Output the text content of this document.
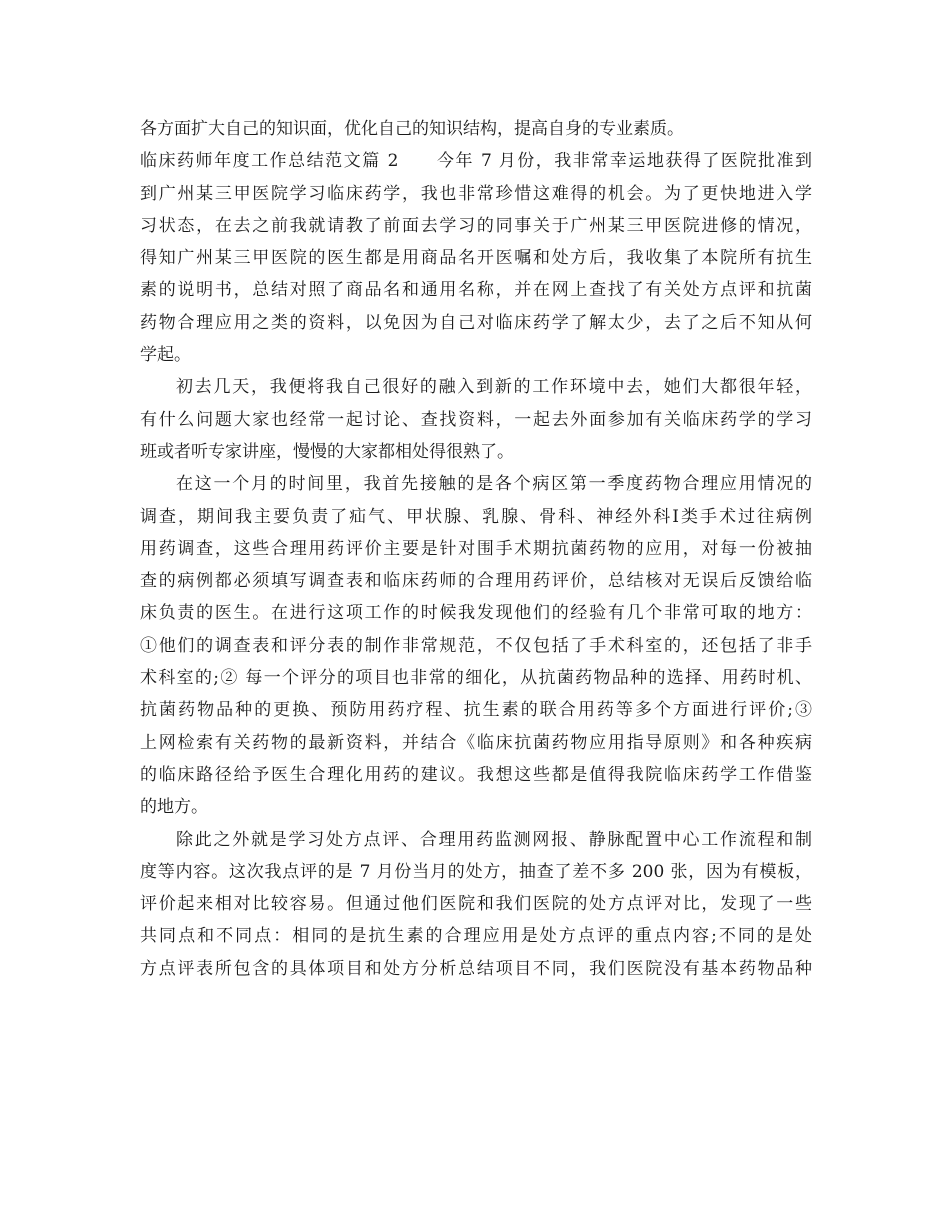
各方面扩大自己的知识面，优化自己的知识结构，提高自身的专业素质。
临床药师年度工作总结范文篇 2　　今年 7 月份，我非常幸运地获得了医院批准到
到广州某三甲医院学习临床药学，我也非常珍惜这难得的机会。为了更快地进入学
习状态，在去之前我就请教了前面去学习的同事关于广州某三甲医院进修的情况，
得知广州某三甲医院的医生都是用商品名开医嘱和处方后，我收集了本院所有抗生
素的说明书，总结对照了商品名和通用名称，并在网上查找了有关处方点评和抗菌
药物合理应用之类的资料，以免因为自己对临床药学了解太少，去了之后不知从何
学起。
初去几天，我便将我自己很好的融入到新的工作环境中去，她们大都很年轻，
有什么问题大家也经常一起讨论、查找资料，一起去外面参加有关临床药学的学习
班或者听专家讲座，慢慢的大家都相处得很熟了。
在这一个月的时间里，我首先接触的是各个病区第一季度药物合理应用情况的
调查，期间我主要负责了疝气、甲状腺、乳腺、骨科、神经外科Ⅰ类手术过往病例
用药调查，这些合理用药评价主要是针对围手术期抗菌药物的应用，对每一份被抽
查的病例都必须填写调查表和临床药师的合理用药评价，总结核对无误后反馈给临
床负责的医生。在进行这项工作的时候我发现他们的经验有几个非常可取的地方：
①他们的调查表和评分表的制作非常规范，不仅包括了手术科室的，还包括了非手
术科室的;② 每一个评分的项目也非常的细化，从抗菌药物品种的选择、用药时机、
抗菌药物品种的更换、预防用药疗程、抗生素的联合用药等多个方面进行评价;③
上网检索有关药物的最新资料，并结合《临床抗菌药物应用指导原则》和各种疾病
的临床路径给予医生合理化用药的建议。我想这些都是值得我院临床药学工作借鉴
的地方。
除此之外就是学习处方点评、合理用药监测网报、静脉配置中心工作流程和制
度等内容。这次我点评的是 7 月份当月的处方，抽查了差不多 200 张，因为有模板，
评价起来相对比较容易。但通过他们医院和我们医院的处方点评对比，发现了一些
共同点和不同点：相同的是抗生素的合理应用是处方点评的重点内容;不同的是处
方点评表所包含的具体项目和处方分析总结项目不同，我们医院没有基本药物品种
